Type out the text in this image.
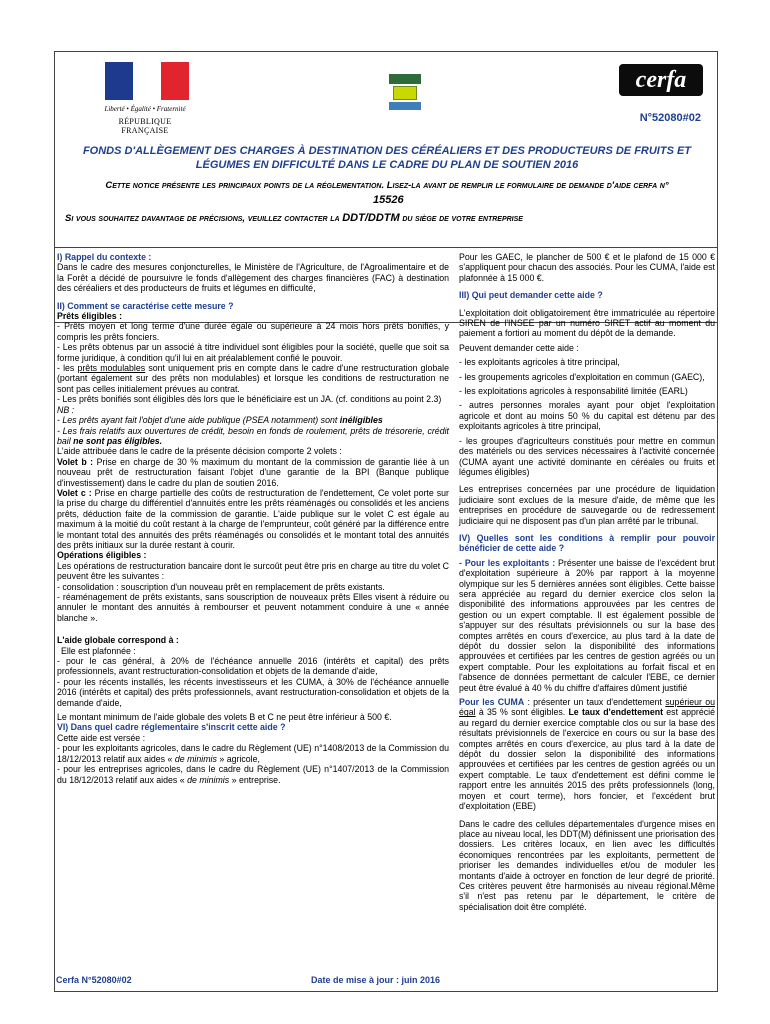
Liberté • Égalité • Fraternité
RÉPUBLIQUE FRANÇAISE
cerfa
N°52080#02
FONDS D'ALLÈGEMENT DES CHARGES À DESTINATION DES CÉRÉALIERS ET DES PRODUCTEURS DE FRUITS ET LÉGUMES EN DIFFICULTÉ DANS LE CADRE DU PLAN DE SOUTIEN 2016
Cette notice présente les principaux points de la réglementation. Lisez-la avant de remplir le formulaire de demande d'aide cerfa n°  15526
Si vous souhaitez davantage de précisions, veuillez contacter la DDT/DDTM du siège de votre entreprise

I) Rappel du contexte :

Dans le cadre des mesures conjoncturelles, le Ministère de l'Agriculture, de l'Agroalimentaire et de la Forêt a décidé de poursuivre le fonds d'allègement des charges financières (FAC) à destination des céréaliers et des producteurs de fruits et légumes en difficulté,

II) Comment se caractérise cette mesure ?

Prêts éligibles :

- Prêts moyen et long terme d'une durée égale ou supérieure à 24 mois hors prêts bonifiés, y compris les prêts fonciers.

- Les prêts obtenus par un associé à titre individuel sont éligibles pour la société, quelle que soit sa forme juridique, à condition qu'il lui en ait préalablement confié le pouvoir.

- les prêts modulables sont uniquement pris en compte dans le cadre d'une restructuration globale (portant également sur des prêts non modulables) et lorsque les conditions de restructuration ne sont pas celles initialement prévues au contrat.

- Les prêts bonifiés sont éligibles dès lors que le bénéficiaire est un JA. (cf. conditions au point 2.3)

NB :

- Les prêts ayant fait l'objet d'une aide publique (PSEA notamment) sont inéligibles

- Les frais relatifs aux ouvertures de crédit, besoin en fonds de roulement, prêts de trésorerie, crédit bail ne sont pas éligibles.

L'aide attribuée dans le cadre de la présente décision comporte 2 volets :

Volet b : Prise en charge de 30 % maximum du montant de la commission de garantie liée à un nouveau prêt de restructuration faisant l'objet d'une garantie de la BPI (Banque publique d'investissement) dans le cadre du plan de soutien 2016.

Volet c : Prise en charge partielle des coûts de restructuration de l'endettement, Ce volet porte sur la prise du charge du différentiel d'annuités entre les prêts réaménagés ou consolidés et les anciens prêts, déduction faite de la commission de garantie. L'aide publique sur le volet C est égale au maximum à la moitié du coût restant à la charge de l'emprunteur, coût généré par la différence entre le montant total des annuités des prêts réaménagés ou consolidés et le montant total des annuités des prêts initiaux sur la durée restant à courir.

Opérations éligibles :

Les opérations de restructuration bancaire dont le surcoût peut être pris en charge au titre du volet C peuvent être les suivantes :

- consolidation : souscription d'un nouveau prêt en remplacement de prêts existants.

- réaménagement de prêts existants, sans souscription de nouveaux prêts Elles visent à réduire ou annuler le montant des annuités à rembourser et peuvent notamment conduire à une « année blanche ».

L'aide globale correspond à :

Elle est plafonnée :

- pour le cas général, à 20% de l'échéance annuelle 2016 (intérêts et capital) des prêts professionnels, avant restructuration-consolidation et objets de la demande d'aide,

- pour les récents installés, les récents investisseurs et les CUMA, à 30% de l'échéance annuelle 2016 (intérêts et capital) des prêts professionnels, avant restructuration-consolidation et objets de la demande d'aide,

Le montant minimum de l'aide globale des volets B et C ne peut être inférieur à 500 €.

VI) Dans quel cadre réglementaire s'inscrit cette aide ?

Cette aide est versée :

- pour les exploitants agricoles, dans le cadre du Règlement (UE) n°1408/2013 de la Commission du 18/12/2013 relatif aux aides « de minimis » agricole,

- pour les entreprises agricoles, dans le cadre du Règlement (UE) n°1407/2013 de la Commission du 18/12/2013 relatif aux aides « de minimis » entreprise.

Pour les GAEC, le plancher de 500 € et le plafond de 15 000 € s'appliquent pour chacun des associés. Pour les CUMA, l'aide est plafonnée à 15 000 €.

III) Qui peut demander cette aide ?

L'exploitation doit obligatoirement être immatriculée au répertoire SIREN de l'INSEE par un numéro SIRET actif au moment du paiement a fortiori au moment du dépôt de la demande.

Peuvent demander cette aide :

- les exploitants agricoles à titre principal,

- les groupements agricoles d'exploitation en commun (GAEC),

- les exploitations agricoles à responsabilité limitée (EARL)

- autres personnes morales ayant pour objet l'exploitation agricole et dont au moins 50 % du capital est détenu par des exploitants agricoles à titre principal,

- les groupes d'agriculteurs constitués pour mettre en commun des matériels ou des services nécessaires à l'activité concernée (CUMA ayant une activité dominante en céréales ou fruits et légumes éligibles)

Les entreprises concernées par une procédure de liquidation judiciaire sont exclues de la mesure d'aide, de même que les entreprises en procédure de sauvegarde ou de redressement judiciaire qui ne disposent pas d'un plan arrêté par le tribunal.

IV) Quelles sont les conditions à remplir pour pouvoir bénéficier de cette aide ?

- Pour les exploitants : Présenter une baisse de l'excédent brut d'exploitation supérieure à 20% par rapport à la moyenne olympique sur les 5 dernières années sont éligibles. Cette baisse sera appréciée au regard du dernier exercice clos selon la disponibilité des informations approuvées par les centres de gestion ou un expert comptable. Il est également possible de s'appuyer sur des résultats prévisionnels ou sur la base des comptes arrêtés en cours d'exercice, au plus tard à la date de dépôt du dossier selon la disponibilité des informations approuvées et certifiées par les centres de gestion agréés ou un expert comptable. Pour les exploitations au forfait fiscal et en l'absence de données permettant de calculer l'EBE, ce dernier peut être évalué à 40 % du chiffre d'affaires dûment justifié

Pour les CUMA : présenter un taux d'endettement supérieur ou égal à 35 % sont éligibles. Le taux d'endettement est apprécié au regard du dernier exercice comptable clos ou sur la base des résultats prévisionnels de l'exercice en cours ou sur la base des comptes arrêtés en cours d'exercice, au plus tard à la date de dépôt du dossier selon la disponibilité des informations approuvées et certifiées par les centres de gestion agréés ou un expert comptable. Le taux d'endettement est défini comme le rapport entre les annuités 2015 des prêts professionnels (long, moyen et court terme), hors foncier, et l'excédent brut d'exploitation (EBE)

Dans le cadre des cellules départementales d'urgence mises en place au niveau local, les DDT(M) définissent une priorisation des dossiers. Les critères locaux, en lien avec les difficultés économiques rencontrées par les exploitants, permettent de prioriser les demandes individuelles et/ou de moduler les montants d'aide à octroyer en fonction de leur degré de priorité. Ces critères peuvent être harmonisés au niveau régional.Même s'il n'est pas retenu par le département, le critère de spécialisation doit être complété.

Cerfa N°52080#02	Date de mise à jour : juin 2016
